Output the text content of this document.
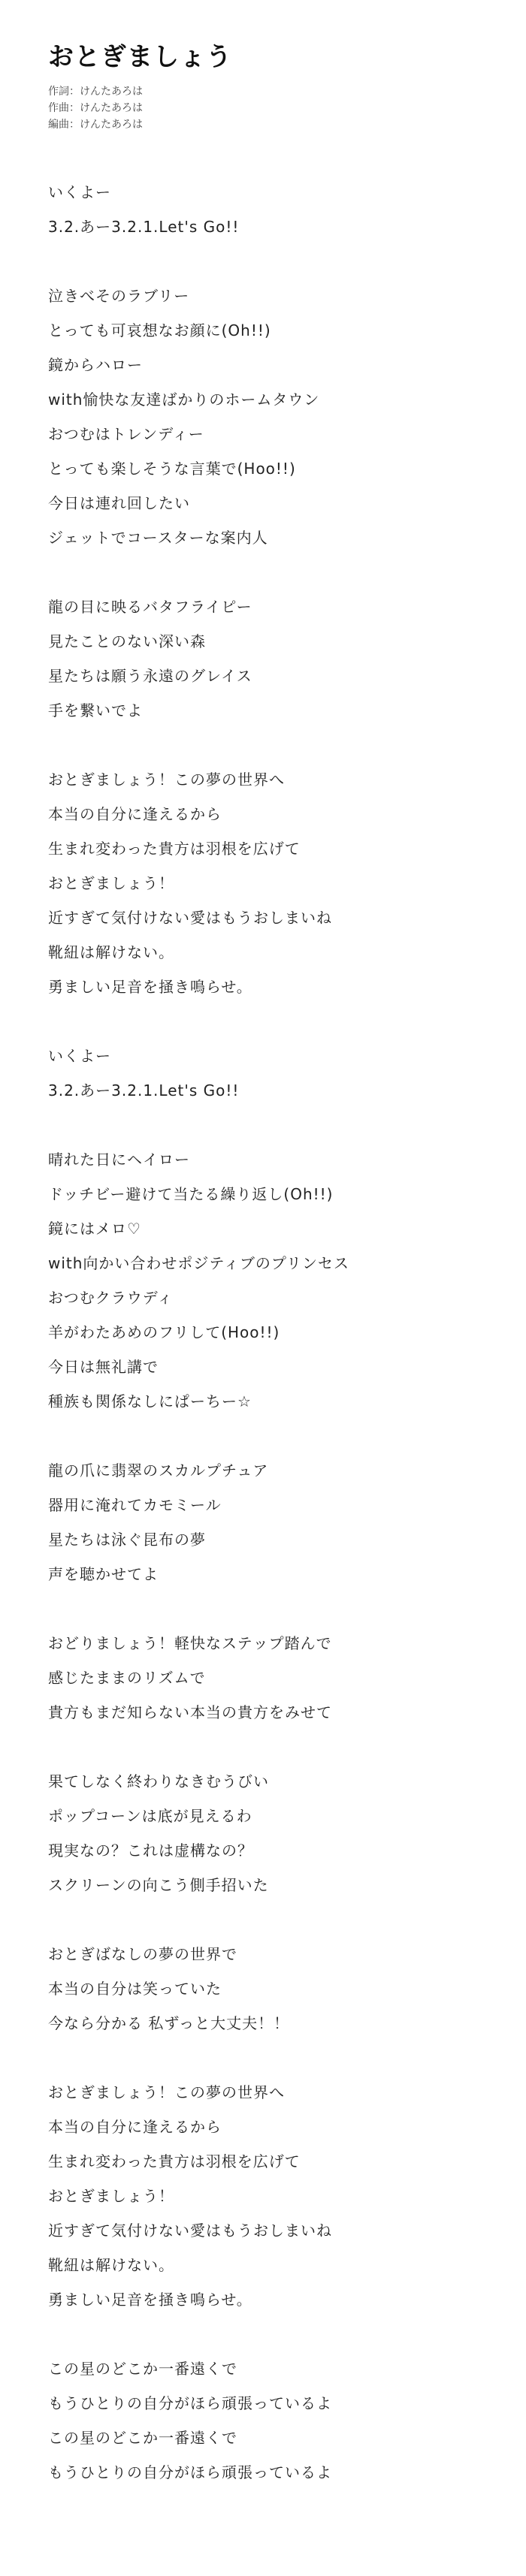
おとぎましょう
作詞：けんたあろは
作曲：けんたあろは
編曲：けんたあろは
いくよー
3.2.あー3.2.1.Let's Go!!
泣きべそのラブリー
とっても可哀想なお顔に(Oh!!)
鏡からハロー
with愉快な友達ばかりのホームタウン
おつむはトレンディー
とっても楽しそうな言葉で(Hoo!!)
今日は連れ回したい
ジェットでコースターな案内人
龍の目に映るバタフライピー
見たことのない深い森
星たちは願う永遠のグレイス
手を繋いでよ
おとぎましょう！この夢の世界へ
本当の自分に逢えるから
生まれ変わった貴方は羽根を広げて
おとぎましょう！
近すぎて気付けない愛はもうおしまいね
靴紐は解けない。
勇ましい足音を掻き鳴らせ。
いくよー
3.2.あー3.2.1.Let's Go!!
晴れた日にヘイロー
ドッチビー避けて当たる繰り返し(Oh!!)
鏡にはメロ♡
with向かい合わせポジティブのプリンセス
おつむクラウディ
羊がわたあめのフリして(Hoo!!)
今日は無礼講で
種族も関係なしにぱーちー☆
龍の爪に翡翠のスカルプチュア
器用に淹れてカモミール
星たちは泳ぐ昆布の夢
声を聴かせてよ
おどりましょう！軽快なステップ踏んで
感じたままのリズムで
貴方もまだ知らない本当の貴方をみせて
果てしなく終わりなきむうびい
ポップコーンは底が見えるわ
現実なの？これは虚構なの？
スクリーンの向こう側手招いた
おとぎばなしの夢の世界で
本当の自分は笑っていた
今なら分かる 私ずっと大丈夫！！
おとぎましょう！この夢の世界へ
本当の自分に逢えるから
生まれ変わった貴方は羽根を広げて
おとぎましょう！
近すぎて気付けない愛はもうおしまいね
靴紐は解けない。
勇ましい足音を掻き鳴らせ。
この星のどこか一番遠くで
もうひとりの自分がほら頑張っているよ
この星のどこか一番遠くで
もうひとりの自分がほら頑張っているよ
